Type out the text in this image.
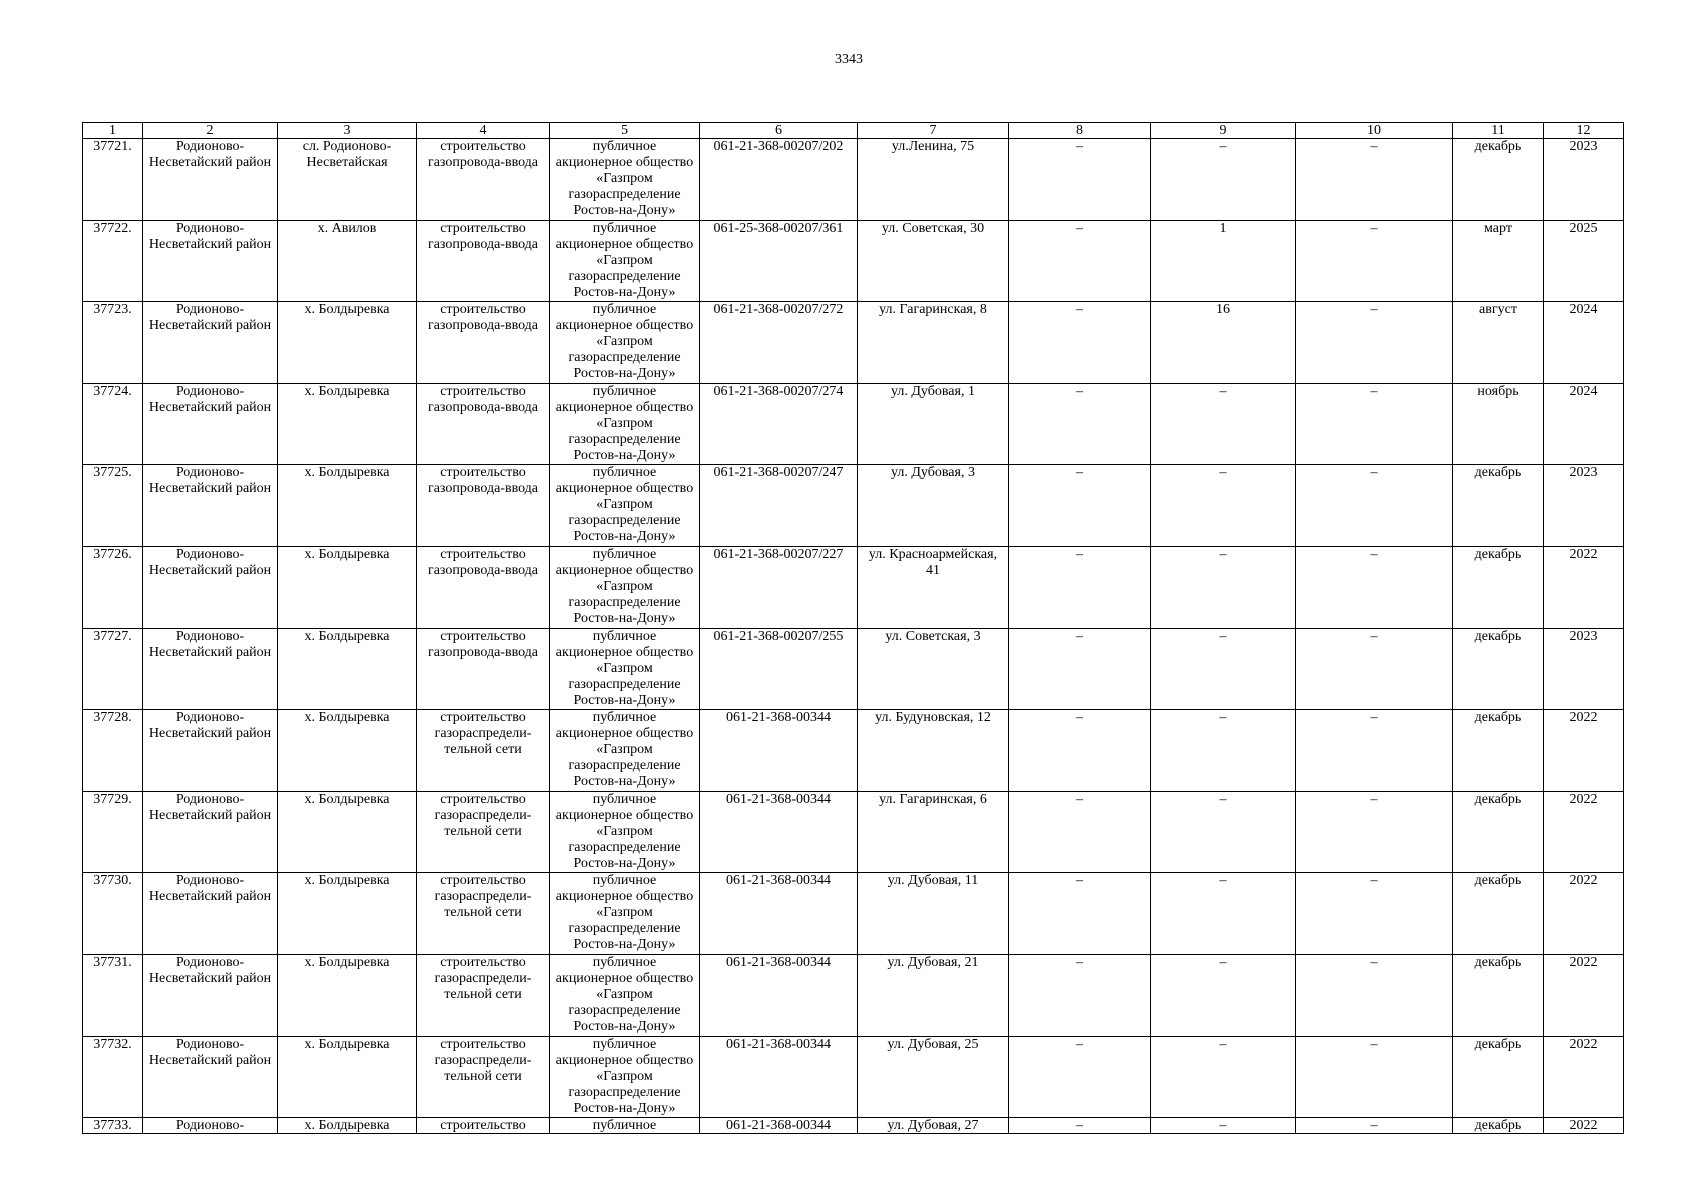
3343
1	2	3	4	5	6	7	8	9	10	11	12
37721.	Родионово-Несветайский район	сл. Родионово-Несветайская	строительство газопровода-ввода	публичное акционерное общество «Газпром газораспределение Ростов-на-Дону»	061-21-368-00207/202	ул.Ленина, 75	–	–	–	декабрь	2023
37722.	Родионово-Несветайский район	х. Авилов	строительство газопровода-ввода	публичное акционерное общество «Газпром газораспределение Ростов-на-Дону»	061-25-368-00207/361	ул. Советская, 30	–	1	–	март	2025
37723.	Родионово-Несветайский район	х. Болдыревка	строительство газопровода-ввода	публичное акционерное общество «Газпром газораспределение Ростов-на-Дону»	061-21-368-00207/272	ул. Гагаринская, 8	–	16	–	август	2024
37724.	Родионово-Несветайский район	х. Болдыревка	строительство газопровода-ввода	публичное акционерное общество «Газпром газораспределение Ростов-на-Дону»	061-21-368-00207/274	ул. Дубовая, 1	–	–	–	ноябрь	2024
37725.	Родионово-Несветайский район	х. Болдыревка	строительство газопровода-ввода	публичное акционерное общество «Газпром газораспределение Ростов-на-Дону»	061-21-368-00207/247	ул. Дубовая, 3	–	–	–	декабрь	2023
37726.	Родионово-Несветайский район	х. Болдыревка	строительство газопровода-ввода	публичное акционерное общество «Газпром газораспределение Ростов-на-Дону»	061-21-368-00207/227	ул. Красноармейская, 41	–	–	–	декабрь	2022
37727.	Родионово-Несветайский район	х. Болдыревка	строительство газопровода-ввода	публичное акционерное общество «Газпром газораспределение Ростов-на-Дону»	061-21-368-00207/255	ул. Советская, 3	–	–	–	декабрь	2023
37728.	Родионово-Несветайский район	х. Болдыревка	строительство газораспредели-тельной сети	публичное акционерное общество «Газпром газораспределение Ростов-на-Дону»	061-21-368-00344	ул. Будуновская, 12	–	–	–	декабрь	2022
37729.	Родионово-Несветайский район	х. Болдыревка	строительство газораспредели-тельной сети	публичное акционерное общество «Газпром газораспределение Ростов-на-Дону»	061-21-368-00344	ул. Гагаринская, 6	–	–	–	декабрь	2022
37730.	Родионово-Несветайский район	х. Болдыревка	строительство газораспредели-тельной сети	публичное акционерное общество «Газпром газораспределение Ростов-на-Дону»	061-21-368-00344	ул. Дубовая, 11	–	–	–	декабрь	2022
37731.	Родионово-Несветайский район	х. Болдыревка	строительство газораспредели-тельной сети	публичное акционерное общество «Газпром газораспределение Ростов-на-Дону»	061-21-368-00344	ул. Дубовая, 21	–	–	–	декабрь	2022
37732.	Родионово-Несветайский район	х. Болдыревка	строительство газораспредели-тельной сети	публичное акционерное общество «Газпром газораспределение Ростов-на-Дону»	061-21-368-00344	ул. Дубовая, 25	–	–	–	декабрь	2022
37733.	Родионово-	х. Болдыревка	строительство	публичное	061-21-368-00344	ул. Дубовая, 27	–	–	–	декабрь	2022
